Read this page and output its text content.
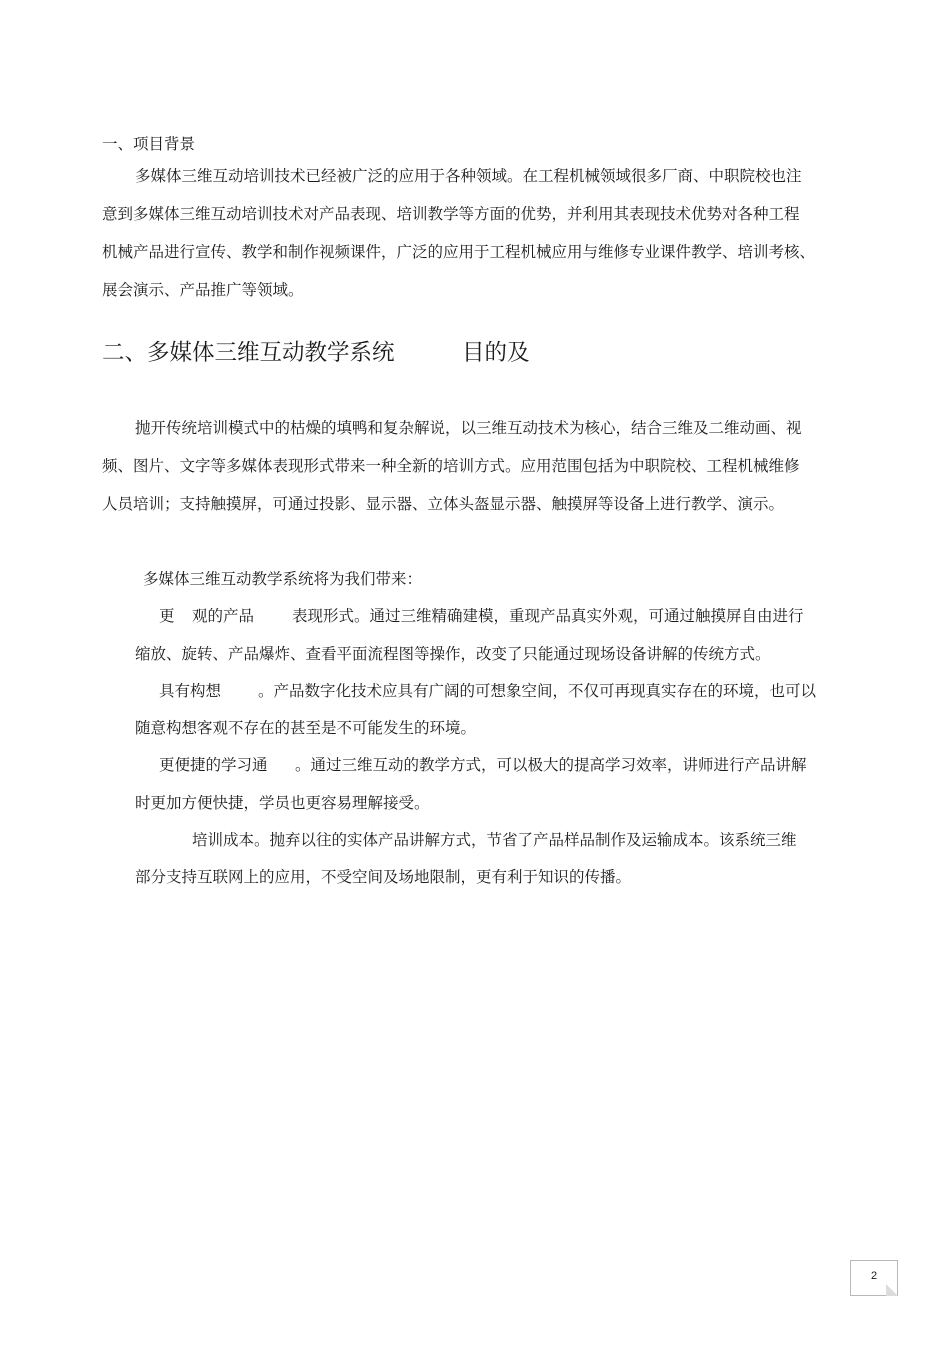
一、项目背景
多媒体三维互动培训技术已经被广泛的应用于各种领域。在工程机械领域很多厂商、中职院校也注
意到多媒体三维互动培训技术对产品表现、培训教学等方面的优势，并利用其表现技术优势对各种工程
机械产品进行宣传、教学和制作视频课件，广泛的应用于工程机械应用与维修专业课件教学、培训考核、
展会演示、产品推广等领域。
二、多媒体三维互动教学系统	目的及
抛开传统培训模式中的枯燥的填鸭和复杂解说，以三维互动技术为核心，结合三维及二维动画、视
频、图片、文字等多媒体表现形式带来一种全新的培训方式。应用范围包括为中职院校、工程机械维修
人员培训；支持触摸屏，可通过投影、显示器、立体头盔显示器、触摸屏等设备上进行教学、演示。
多媒体三维互动教学系统将为我们带来：
更 观的产品 表现形式。通过三维精确建模，重现产品真实外观，可通过触摸屏自由进行
缩放、旋转、产品爆炸、查看平面流程图等操作，改变了只能通过现场设备讲解的传统方式。
具有构想 。产品数字化技术应具有广阔的可想象空间，不仅可再现真实存在的环境，也可以
随意构想客观不存在的甚至是不可能发生的环境。
更便捷的学习通 。通过三维互动的教学方式，可以极大的提高学习效率，讲师进行产品讲解
时更加方便快捷，学员也更容易理解接受。
培训成本。抛弃以往的实体产品讲解方式，节省了产品样品制作及运输成本。该系统三维
部分支持互联网上的应用，不受空间及场地限制，更有利于知识的传播。
2
